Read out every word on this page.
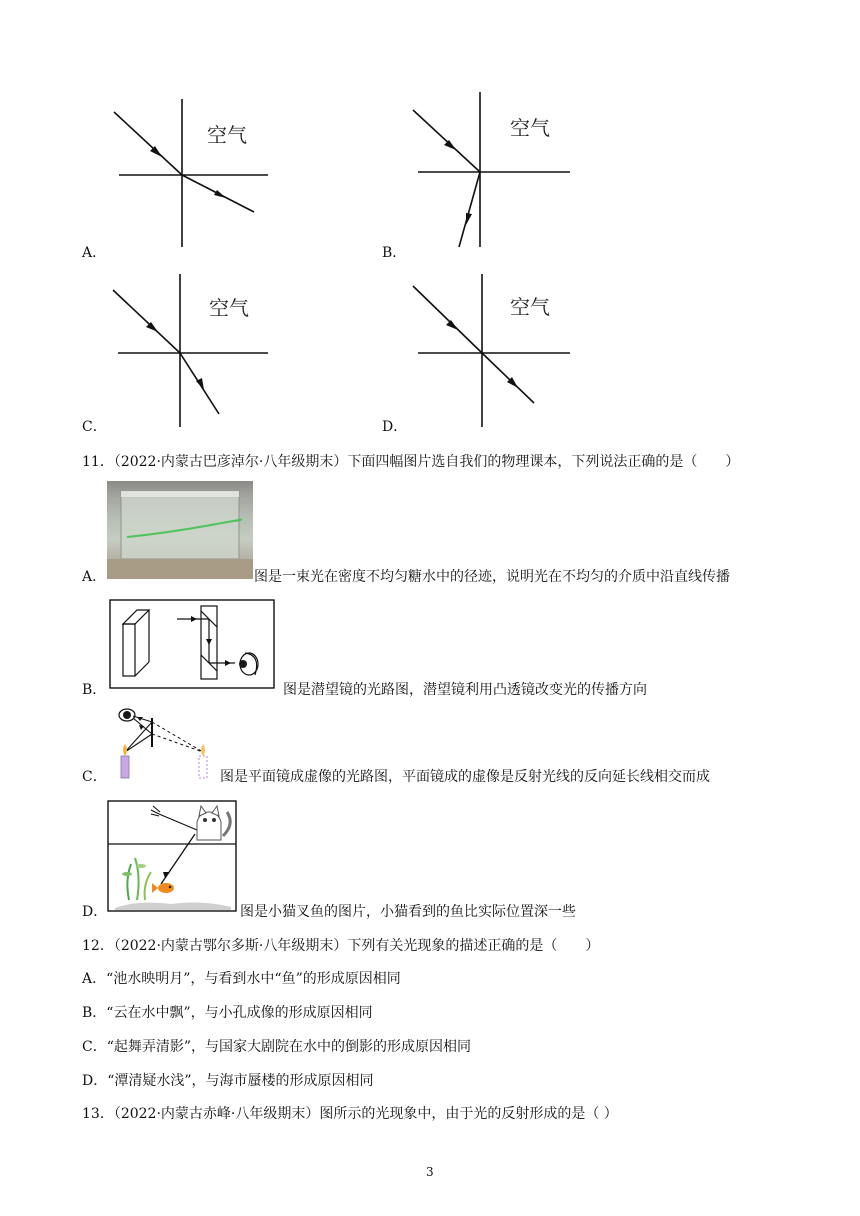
空气
A．
空气
B．
空气
C．
空气
D．
11．（2022·内蒙古巴彦淖尔·八年级期末）下面四幅图片选自我们的物理课本，下列说法正确的是（　　）
A．	图是一束光在密度不均匀糖水中的径迹，说明光在不均匀的介质中沿直线传播
B．	图是潜望镜的光路图，潜望镜利用凸透镜改变光的传播方向
C．	图是平面镜成虚像的光路图，平面镜成的虚像是反射光线的反向延长线相交而成
D．	图是小猫叉鱼的图片，小猫看到的鱼比实际位置深一些
12．（2022·内蒙古鄂尔多斯·八年级期末）下列有关光现象的描述正确的是（　　）
A．“池水映明月”，与看到水中“鱼”的形成原因相同
B．“云在水中飘”，与小孔成像的形成原因相同
C．“起舞弄清影”，与国家大剧院在水中的倒影的形成原因相同
D．“潭清疑水浅”，与海市蜃楼的形成原因相同
13．（2022·内蒙古赤峰·八年级期末）图所示的光现象中，由于光的反射形成的是（ ）
3
